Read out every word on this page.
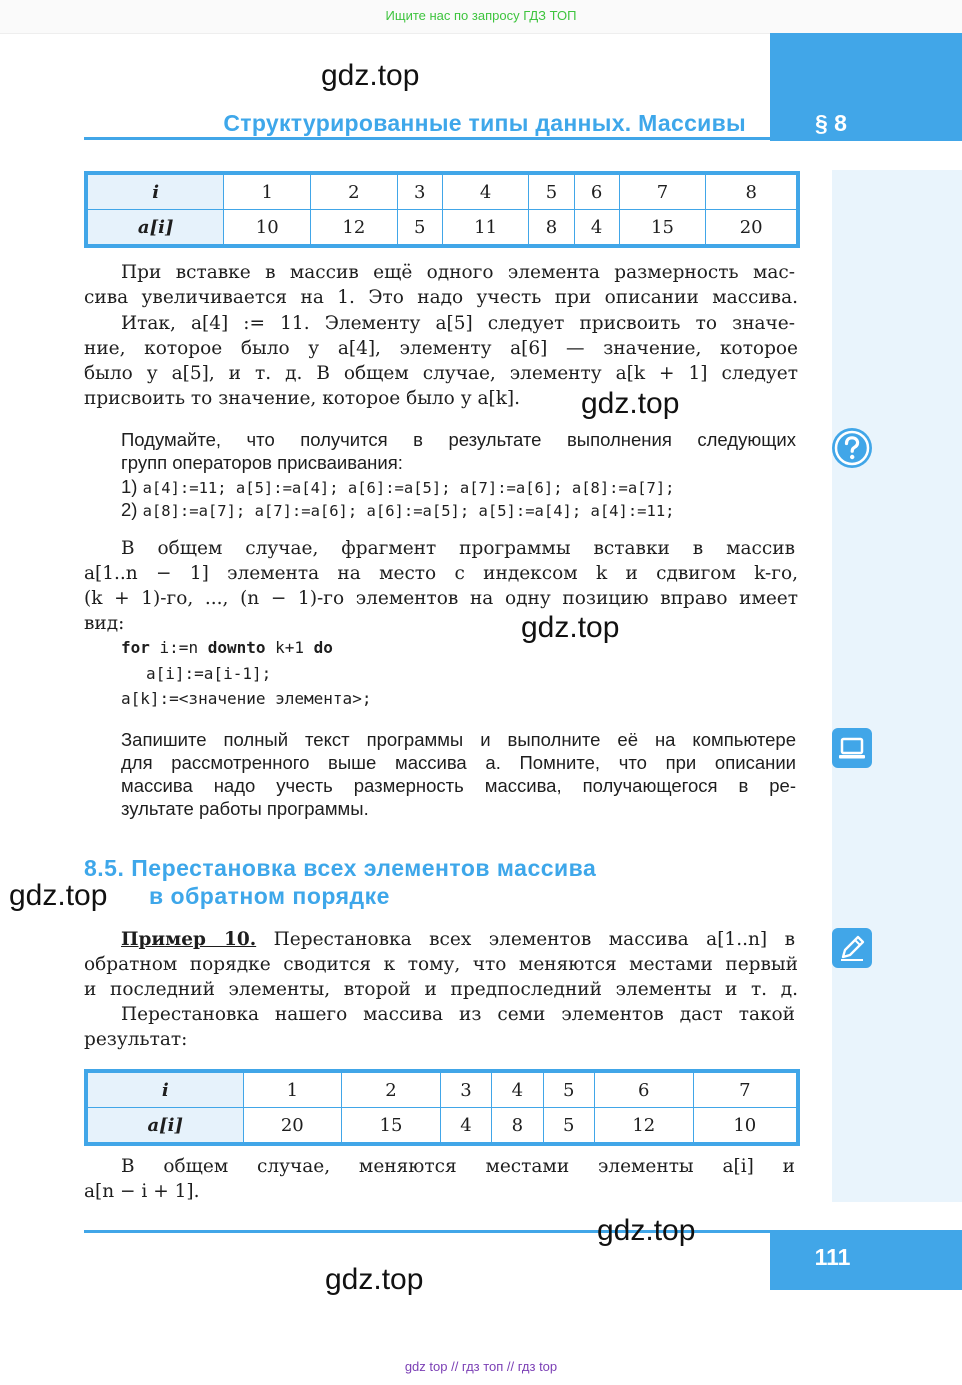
Ищите нас по запросу ГДЗ ТОП
Структурированные типы данных. Массивы	§ 8
i	1	2	3	4	5	6	7	8
a[i]	10	12	5	11	8	4	15	20
При вставке в массив ещё одного элемента размерность мас-
сива увеличивается на 1. Это надо учесть при описании массива.
Итак, a[4] := 11. Элементу a[5] следует присвоить то значе-
ние, которое было у a[4], элементу a[6] — значение, которое
было у a[5], и т. д. В общем случае, элементу a[k + 1] следует
присвоить то значение, которое было у a[k].
Подумайте, что получится в результате выполнения следующих
групп операторов присваивания:
1) a[4]:=11; a[5]:=a[4]; a[6]:=a[5]; a[7]:=a[6]; a[8]:=a[7];
2) a[8]:=a[7]; a[7]:=a[6]; a[6]:=a[5]; a[5]:=a[4]; a[4]:=11;
В общем случае, фрагмент программы вставки в массив
a[1..n − 1] элемента на место с индексом k и сдвигом k-го,
(k + 1)-го, ..., (n − 1)-го элементов на одну позицию вправо имеет
вид:
for i:=n downto k+1 do
a[i]:=a[i-1];
a[k]:=<значение элемента>;
Запишите полный текст программы и выполните её на компьютере
для рассмотренного выше массива a. Помните, что при описании
массива надо учесть размерность массива, получающегося в ре-
зультате работы программы.
8.5. Перестановка всех элементов массива
в обратном порядке
Пример 10. Перестановка всех элементов массива a[1..n] в
обратном порядке сводится к тому, что меняются местами первый
и последний элементы, второй и предпоследний элементы и т. д.
Перестановка нашего массива из семи элементов даст такой
результат:
i	1	2	3	4	5	6	7
a[i]	20	15	4	8	5	12	10
В общем случае, меняются местами элементы a[i] и
a[n − i + 1].
111
gdz.top
gdz.top
gdz.top
gdz.top
gdz.top
gdz.top
gdz top // гдз топ // гдз top
